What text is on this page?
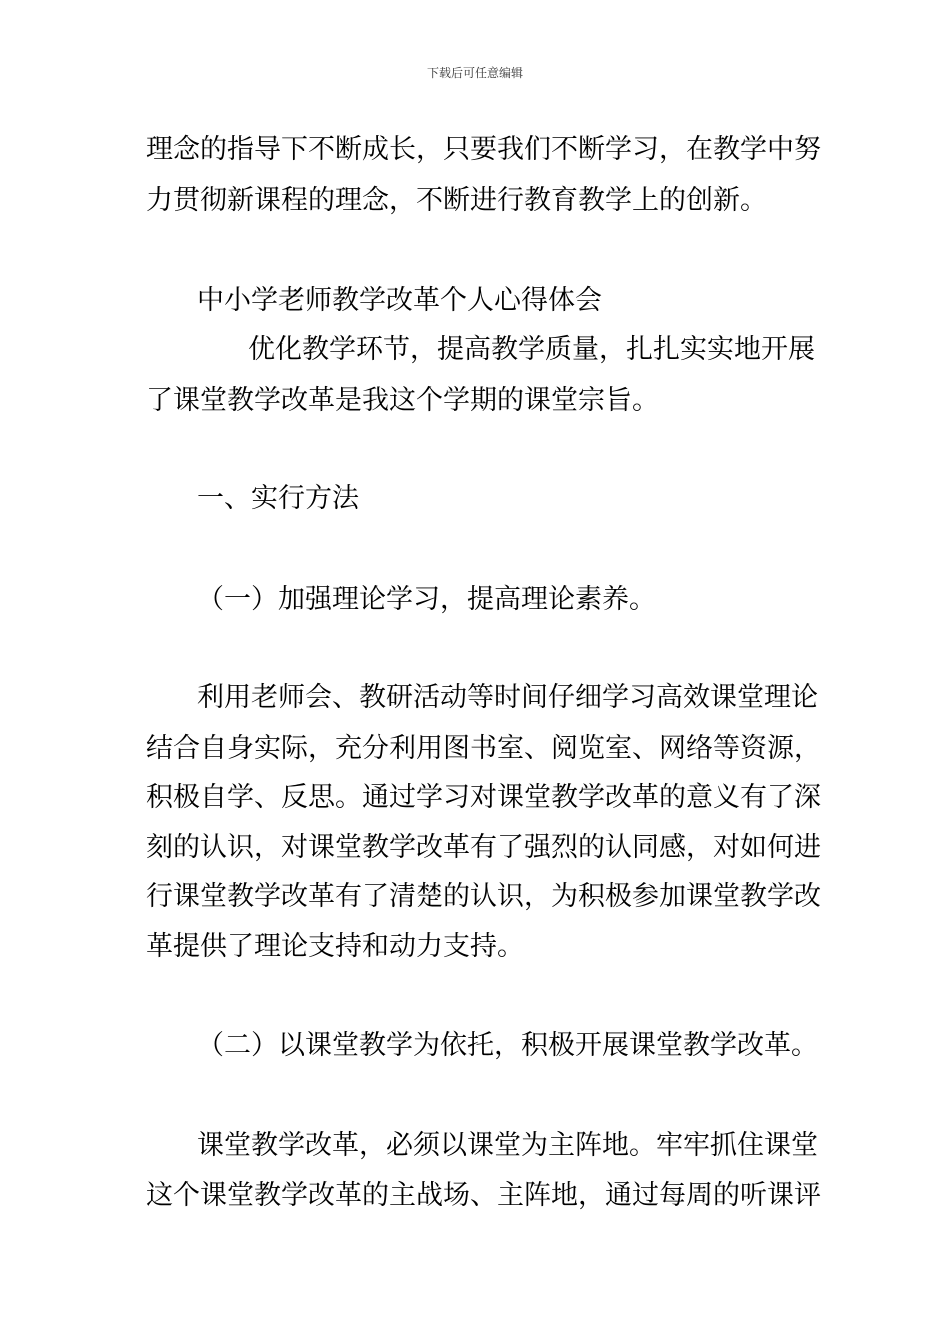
下载后可任意编辑
理念的指导下不断成长，只要我们不断学习，在教学中努
力贯彻新课程的理念，不断进行教育教学上的创新。
中小学老师教学改革个人心得体会
优化教学环节，提高教学质量，扎扎实实地开展
了课堂教学改革是我这个学期的课堂宗旨。
一、实行方法
（一）加强理论学习，提高理论素养。
利用老师会、教研活动等时间仔细学习高效课堂理论
结合自身实际，充分利用图书室、阅览室、网络等资源，
积极自学、反思。通过学习对课堂教学改革的意义有了深
刻的认识，对课堂教学改革有了强烈的认同感，对如何进
行课堂教学改革有了清楚的认识，为积极参加课堂教学改
革提供了理论支持和动力支持。
（二）以课堂教学为依托，积极开展课堂教学改革。
课堂教学改革，必须以课堂为主阵地。牢牢抓住课堂
这个课堂教学改革的主战场、主阵地，通过每周的听课评
